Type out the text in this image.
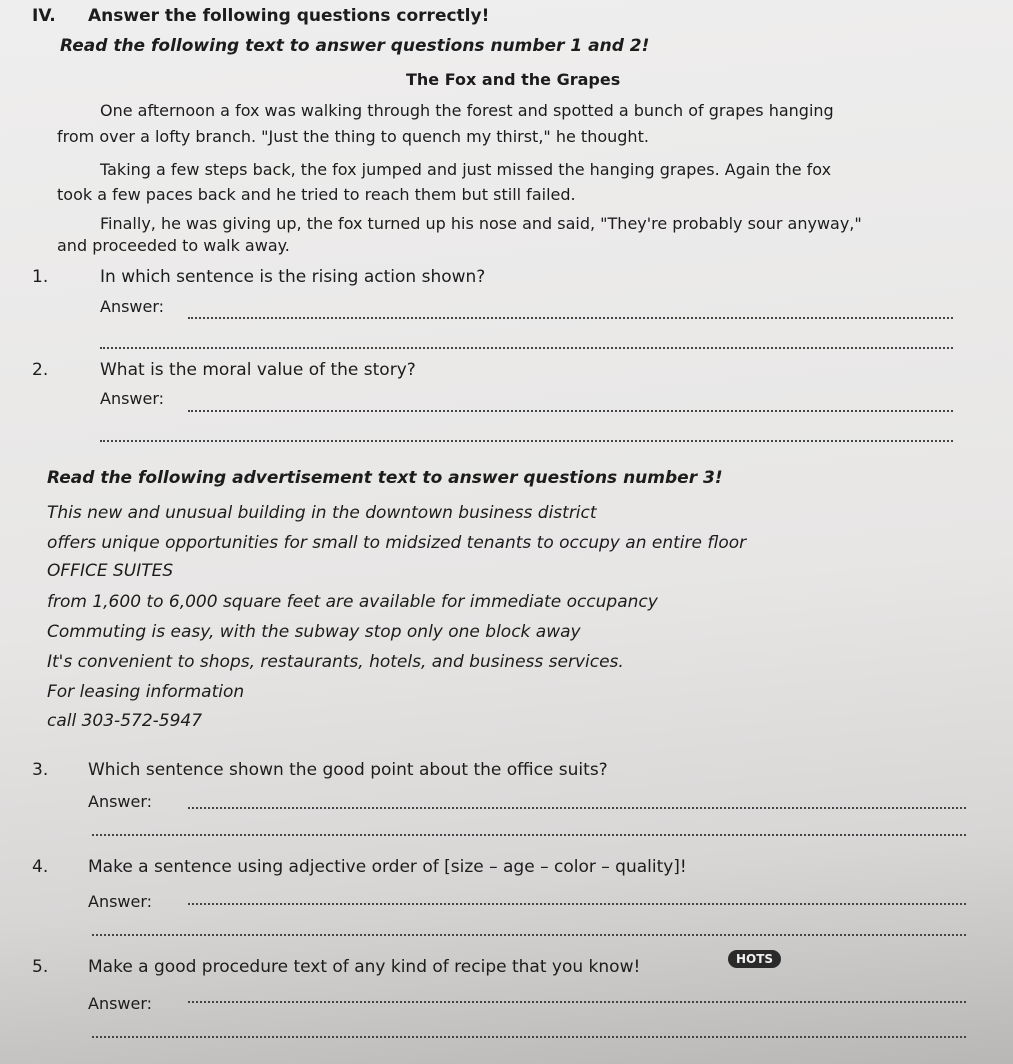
IV. Answer the following questions correctly!
Read the following text to answer questions number 1 and 2!
The Fox and the Grapes
One afternoon a fox was walking through the forest and spotted a bunch of grapes hanging
from over a lofty branch. "Just the thing to quench my thirst," he thought.
Taking a few steps back, the fox jumped and just missed the hanging grapes. Again the fox
took a few paces back and he tried to reach them but still failed.
Finally, he was giving up, the fox turned up his nose and said, "They're probably sour anyway,"
and proceeded to walk away.
1.	In which sentence is the rising action shown?
Answer:
2.	What is the moral value of the story?
Answer:
Read the following advertisement text to answer questions number 3!
This new and unusual building in the downtown business district
offers unique opportunities for small to midsized tenants to occupy an entire floor
OFFICE SUITES
from 1,600 to 6,000 square feet are available for immediate occupancy
Commuting is easy, with the subway stop only one block away
It's convenient to shops, restaurants, hotels, and business services.
For leasing information
call 303-572-5947
3. Which sentence shown the good point about the office suits?
Answer:
4. Make a sentence using adjective order of [size – age – color – quality]!
Answer:
5. Make a good procedure text of any kind of recipe that you know!	HOTS
Answer:
